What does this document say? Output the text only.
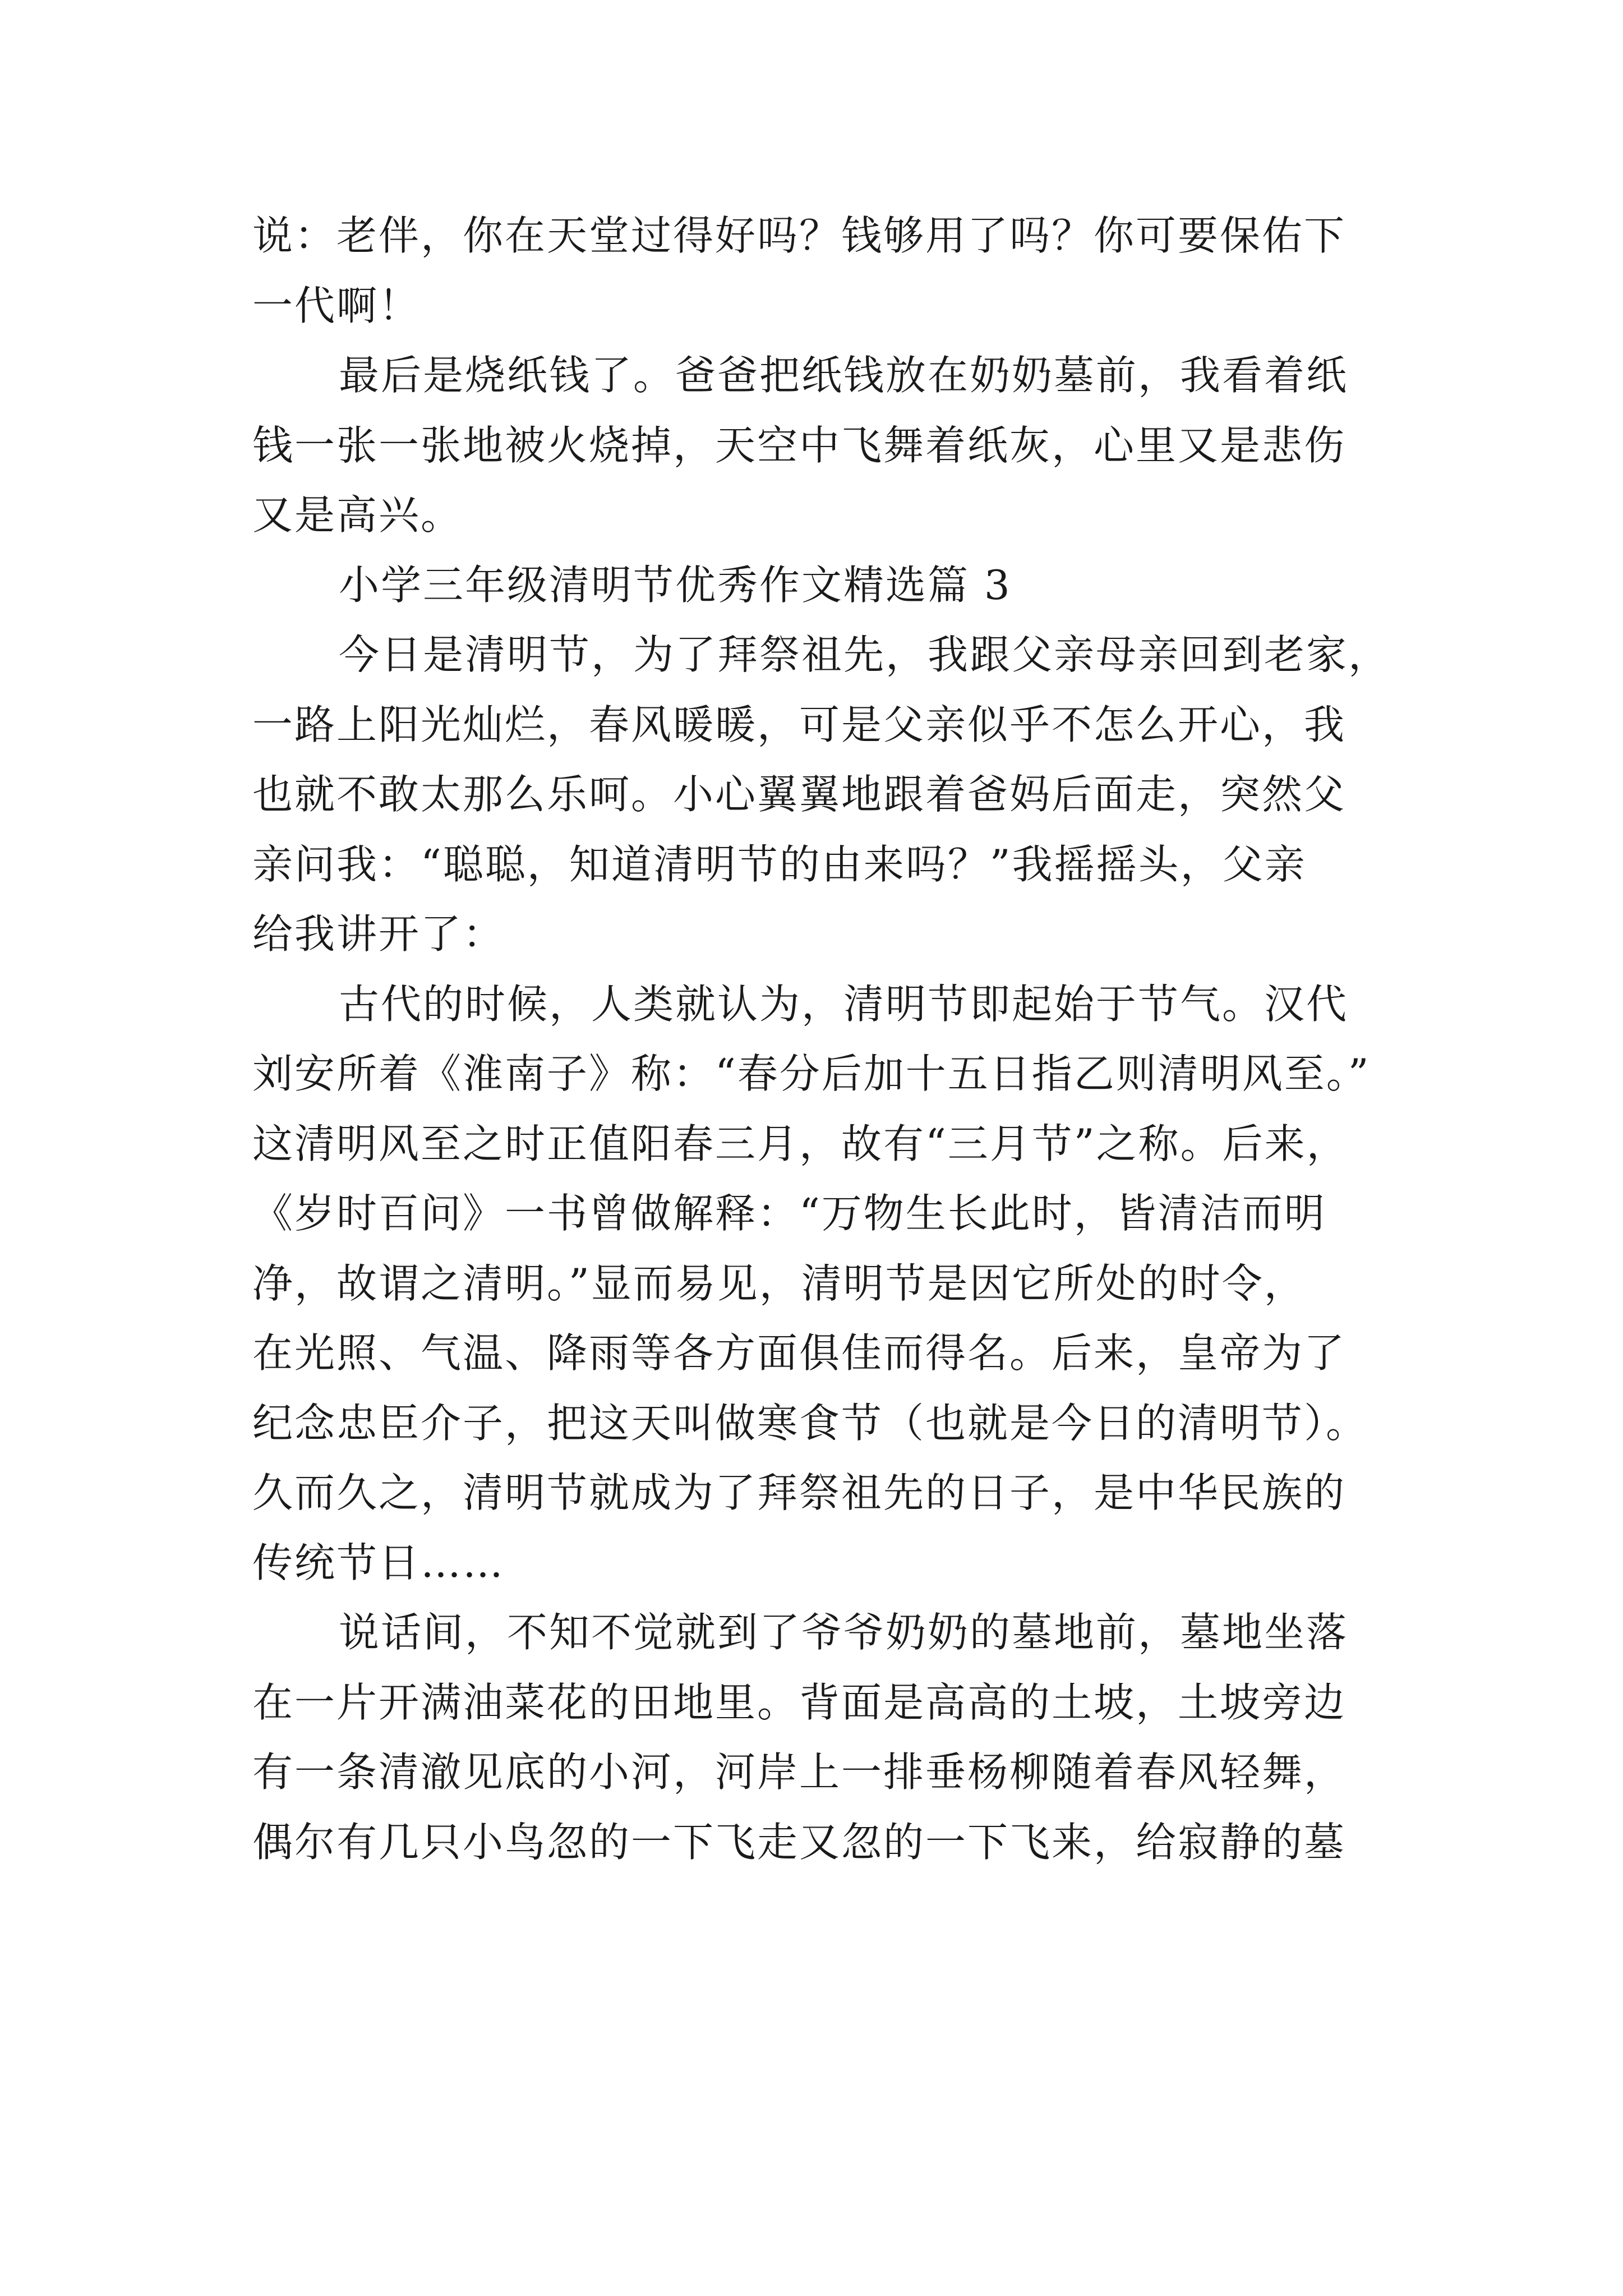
说：老伴，你在天堂过得好吗？钱够用了吗？你可要保佑下
一代啊！
最后是烧纸钱了。爸爸把纸钱放在奶奶墓前，我看着纸
钱一张一张地被火烧掉，天空中飞舞着纸灰，心里又是悲伤
又是高兴。
小学三年级清明节优秀作文精选篇 3
今日是清明节，为了拜祭祖先，我跟父亲母亲回到老家，
一路上阳光灿烂，春风暖暖，可是父亲似乎不怎么开心，我
也就不敢太那么乐呵。小心翼翼地跟着爸妈后面走，突然父
亲问我：“聪聪，知道清明节的由来吗？”我摇摇头，父亲
给我讲开了：
古代的时候，人类就认为，清明节即起始于节气。汉代
刘安所着《淮南子》称：“春分后加十五日指乙则清明风至。”
这清明风至之时正值阳春三月，故有“三月节”之称。后来，
《岁时百问》一书曾做解释：“万物生长此时，皆清洁而明
净，故谓之清明。”显而易见，清明节是因它所处的时令，
在光照、气温、降雨等各方面俱佳而得名。后来，皇帝为了
纪念忠臣介子，把这天叫做寒食节（也就是今日的清明节）。
久而久之，清明节就成为了拜祭祖先的日子，是中华民族的
传统节日……
说话间，不知不觉就到了爷爷奶奶的墓地前，墓地坐落
在一片开满油菜花的田地里。背面是高高的土坡，土坡旁边
有一条清澈见底的小河，河岸上一排垂杨柳随着春风轻舞，
偶尔有几只小鸟忽的一下飞走又忽的一下飞来，给寂静的墓
